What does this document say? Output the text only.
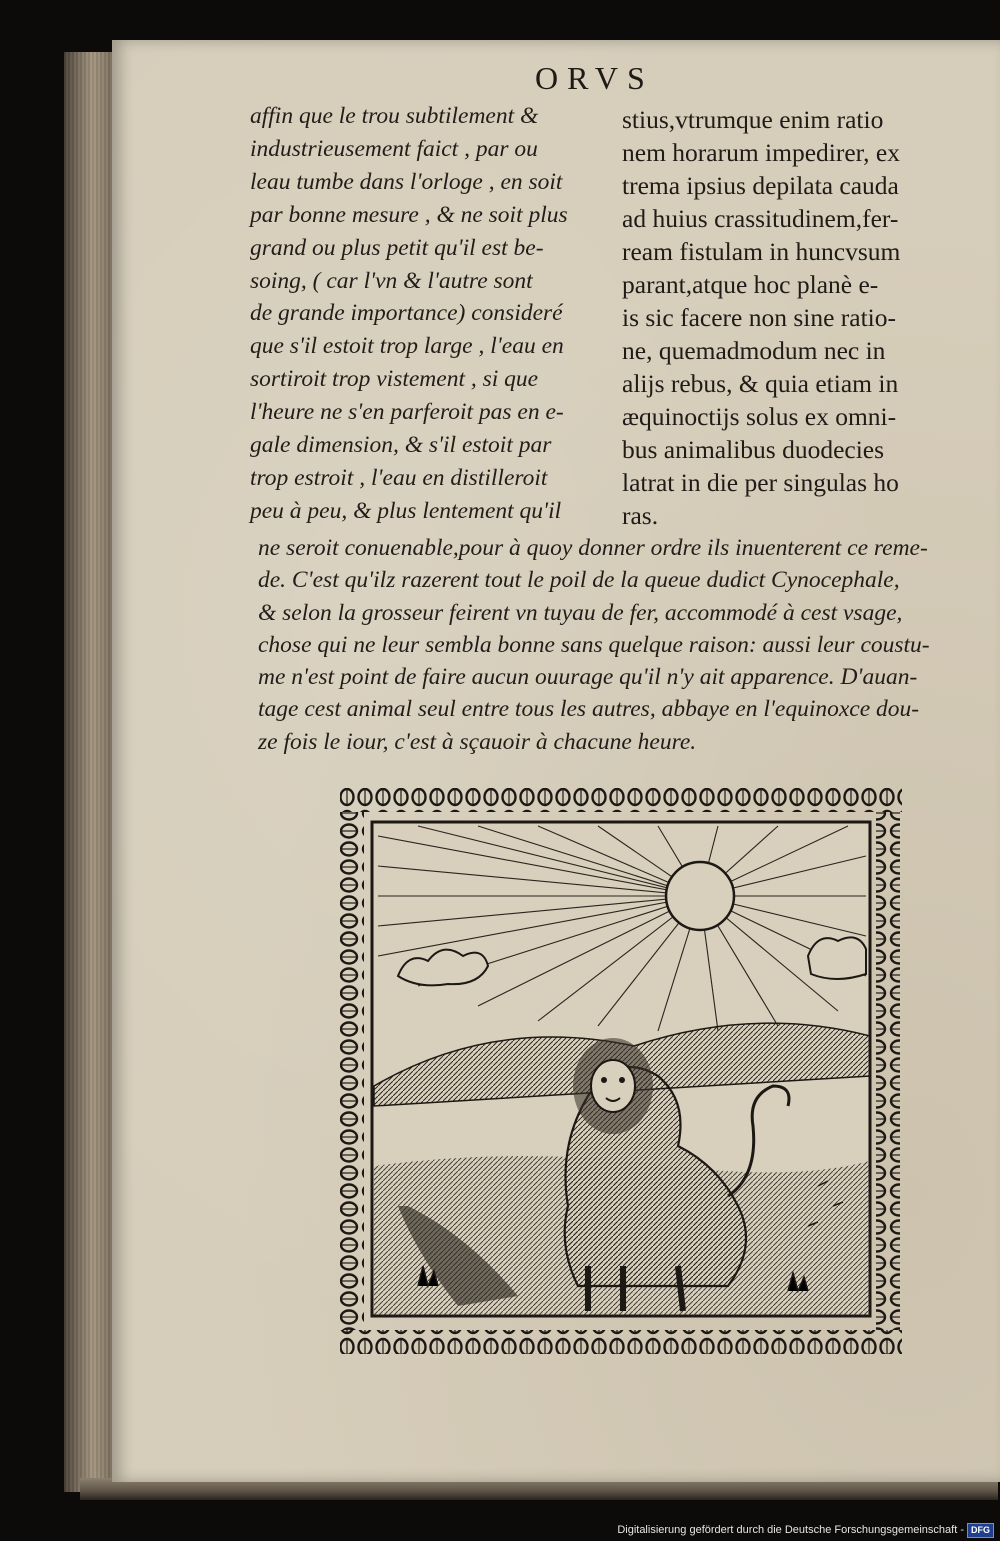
ORVS
affin que le trou subtilement &
industrieusement faict , par ou
leau tumbe dans l'orloge , en soit
par bonne mesure , & ne soit plus
grand ou plus petit qu'il est be-
soing, ( car l'vn & l'autre sont
de grande importance) consideré
que s'il estoit trop large , l'eau en
sortiroit trop vistement , si que
l'heure ne s'en parferoit pas en e-
gale dimension, & s'il estoit par
trop estroit , l'eau en distilleroit
peu à peu, & plus lentement qu'il
stius,vtrumque enim ratio
nem horarum impedirer, ex
trema ipsius depilata cauda
ad huius crassitudinem,fer-
ream fistulam in huncvsum
parant,atque hoc planè e-
is sic facere non sine ratio-
ne, quemadmodum nec in
alijs rebus, & quia etiam in
æquinoctijs solus ex omni-
bus animalibus duodecies
latrat in die per singulas ho
ras.
ne seroit conuenable,pour à quoy donner ordre ils inuenterent ce reme-
de. C'est qu'ilz razerent tout le poil de la queue dudict Cynocephale,
& selon la grosseur feirent vn tuyau de fer, accommodé à cest vsage,
chose qui ne leur sembla bonne sans quelque raison: aussi leur coustu-
me n'est point de faire aucun ouurage qu'il n'y ait apparence. D'auan-
tage cest animal seul entre tous les autres, abbaye en l'equinoxce dou-
ze fois le iour, c'est à sçauoir à chacune heure.
Digitalisierung gefördert durch die Deutsche Forschungsgemeinschaft - DFG
